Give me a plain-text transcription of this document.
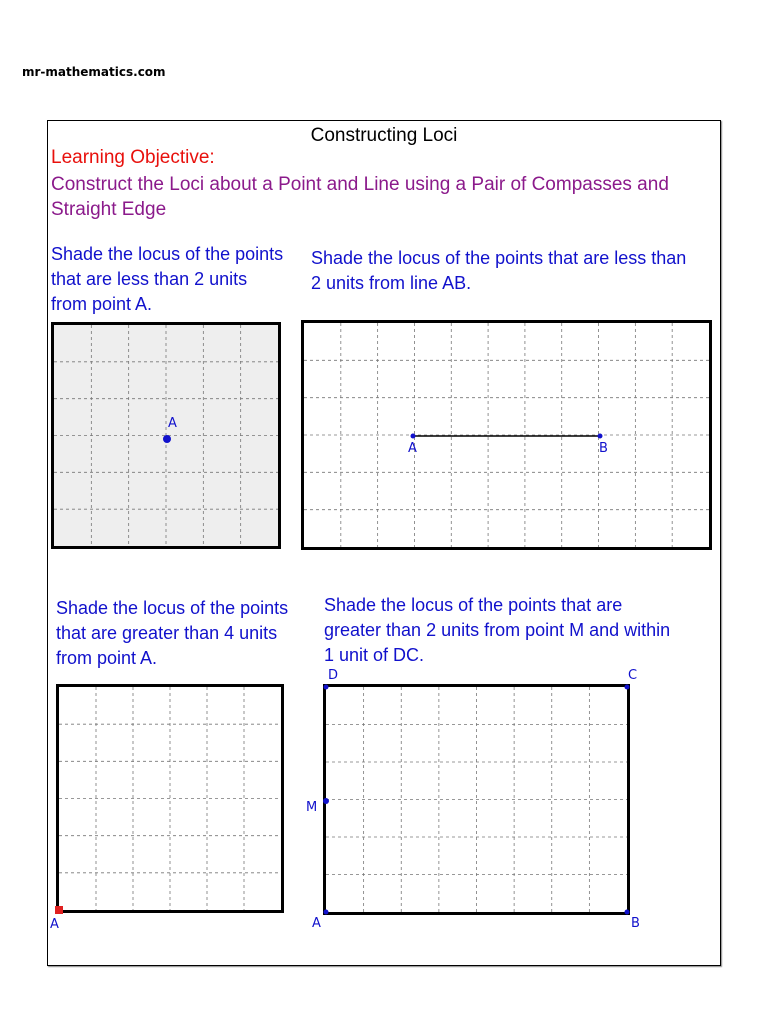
mr-mathematics.com
Constructing Loci
Learning Objective:
Construct the Loci about a Point and Line using a Pair of Compasses and Straight Edge
Shade the locus of the points that are less than 2 units from point A.
A
Shade the locus of the points that are less than 2 units from line AB.
A	B
Shade the locus of the points that are greater than 4 units from point A.
A
Shade the locus of the points that are greater than 2 units from point M and within 1 unit of DC.
D	C
M
A	B
